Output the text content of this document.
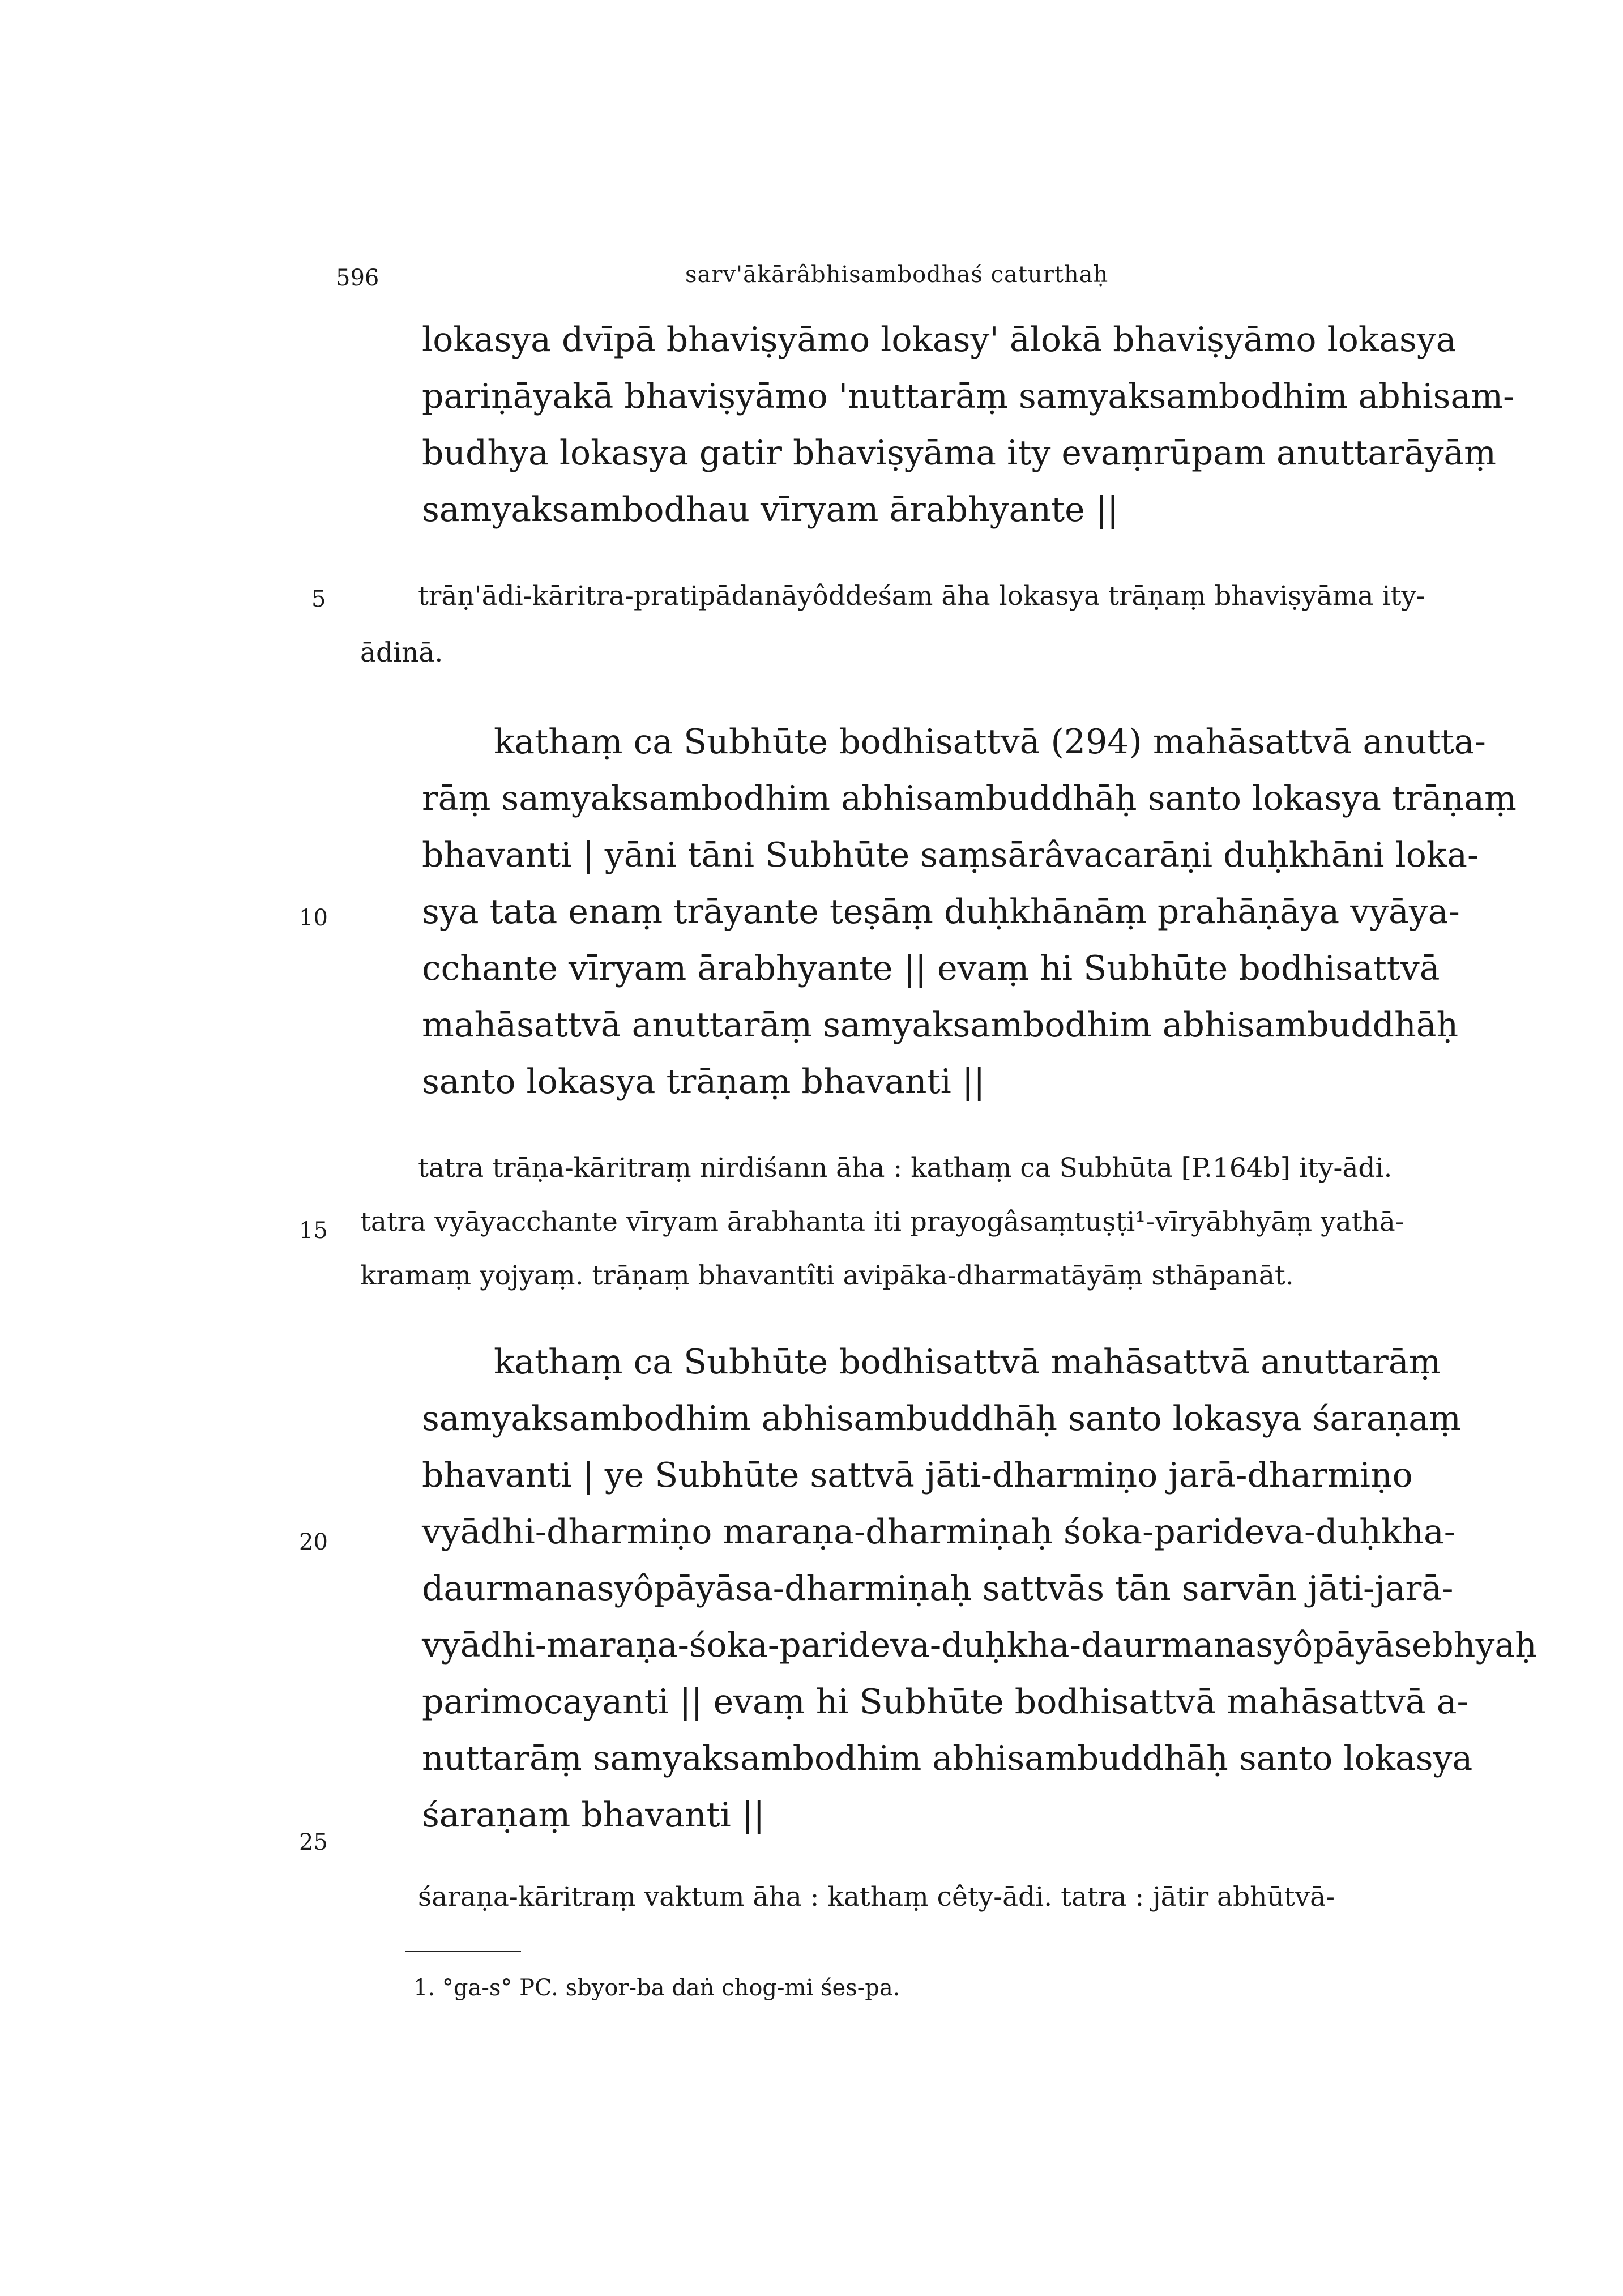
596	sarv'ākārâbhisambodhaś caturthaḥ
5
10
15
20
25
lokasya dvīpā bhaviṣyāmo lokasy' ālokā bhaviṣyāmo lokasya
pariṇāyakā bhaviṣyāmo 'nuttarāṃ samyaksambodhim abhisam-
budhya lokasya gatir bhaviṣyāma ity evaṃrūpam anuttarāyāṃ
samyaksambodhau vīryam ārabhyante ||
trāṇ'ādi-kāritra-pratipādanāyôddeśam āha lokasya trāṇaṃ bhaviṣyāma ity-
ādinā.
kathaṃ ca Subhūte bodhisattvā (294) mahāsattvā anutta-
rāṃ samyaksambodhim abhisambuddhāḥ santo lokasya trāṇaṃ
bhavanti | yāni tāni Subhūte saṃsārâvacarāṇi duḥkhāni loka-
sya tata enaṃ trāyante teṣāṃ duḥkhānāṃ prahāṇāya vyāya-
cchante vīryam ārabhyante || evaṃ hi Subhūte bodhisattvā
mahāsattvā anuttarāṃ samyaksambodhim abhisambuddhāḥ
santo lokasya trāṇaṃ bhavanti ||
tatra trāṇa-kāritraṃ nirdiśann āha : kathaṃ ca Subhūta [P.164b] ity-ādi.
tatra vyāyacchante vīryam ārabhanta iti prayogâsaṃtuṣṭi¹-vīryābhyāṃ yathā-
kramaṃ yojyaṃ. trāṇaṃ bhavantîti avipāka-dharmatāyāṃ sthāpanāt.
kathaṃ ca Subhūte bodhisattvā mahāsattvā anuttarāṃ
samyaksambodhim abhisambuddhāḥ santo lokasya śaraṇaṃ
bhavanti | ye Subhūte sattvā jāti-dharmiṇo jarā-dharmiṇo
vyādhi-dharmiṇo maraṇa-dharmiṇaḥ śoka-parideva-duḥkha-
daurmanasyôpāyāsa-dharmiṇaḥ sattvās tān sarvān jāti-jarā-
vyādhi-maraṇa-śoka-parideva-duḥkha-daurmanasyôpāyāsebhyaḥ
parimocayanti || evaṃ hi Subhūte bodhisattvā mahāsattvā a-
nuttarāṃ samyaksambodhim abhisambuddhāḥ santo lokasya
śaraṇaṃ bhavanti ||
śaraṇa-kāritraṃ vaktum āha : kathaṃ cêty-ādi. tatra : jātir abhūtvā-
1. °ga-s° PC. sbyor-ba daṅ chog-mi śes-pa.
